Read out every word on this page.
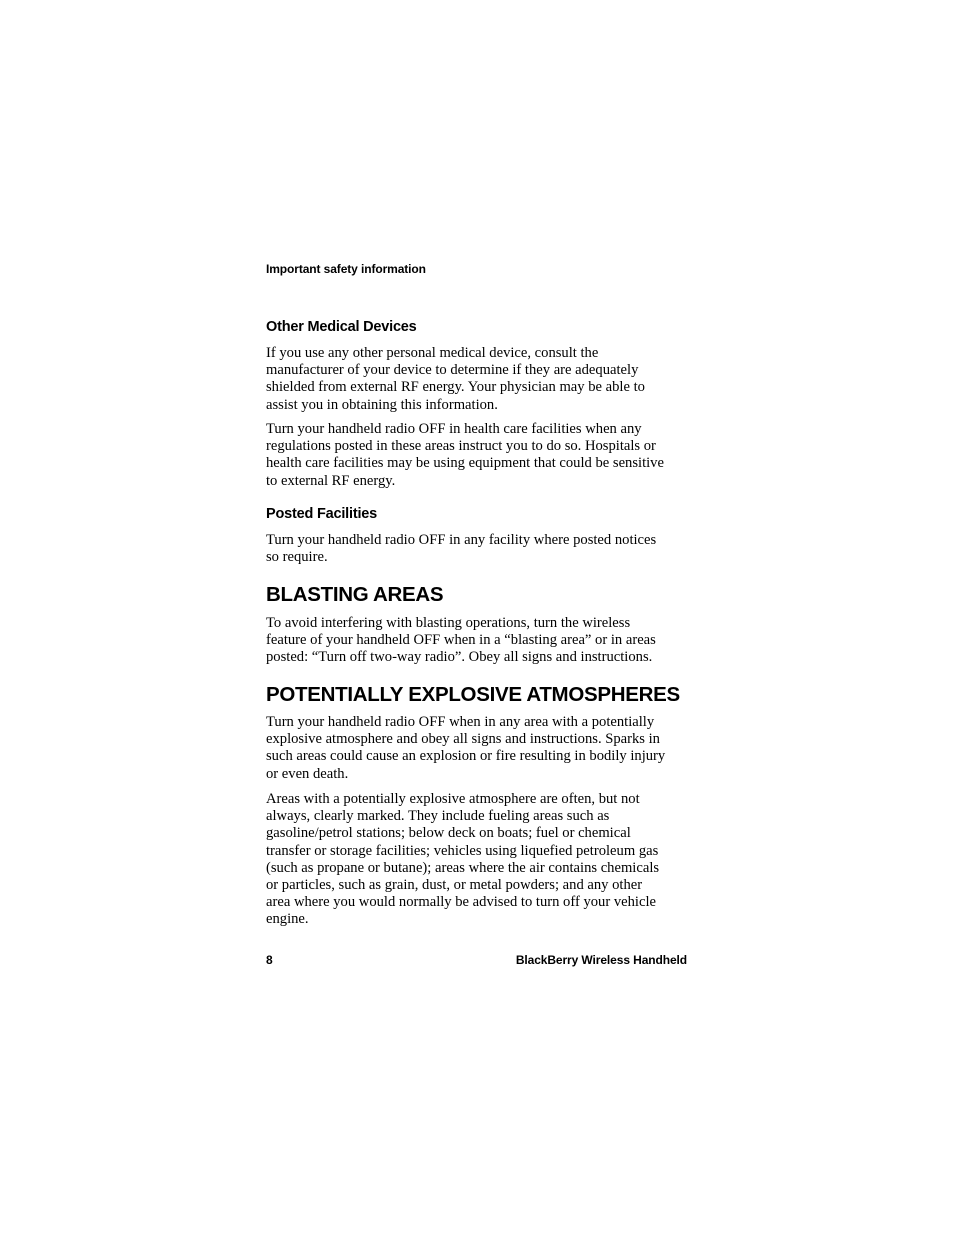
Important safety information
Other Medical Devices

If you use any other personal medical device, consult the

manufacturer of your device to determine if they are adequately

shielded from external RF energy. Your physician may be able to

assist you in obtaining this information.

Turn your handheld radio OFF in health care facilities when any

regulations posted in these areas instruct you to do so. Hospitals or

health care facilities may be using equipment that could be sensitive

to external RF energy.

Posted Facilities

Turn your handheld radio OFF in any facility where posted notices

so require.

BLASTING AREAS

To avoid interfering with blasting operations, turn the wireless

feature of your handheld OFF when in a “blasting area” or in areas

posted: “Turn off two-way radio”. Obey all signs and instructions.

POTENTIALLY EXPLOSIVE ATMOSPHERES

Turn your handheld radio OFF when in any area with a potentially

explosive atmosphere and obey all signs and instructions. Sparks in

such areas could cause an explosion or fire resulting in bodily injury

or even death.

Areas with a potentially explosive atmosphere are often, but not

always, clearly marked. They include fueling areas such as

gasoline/petrol stations; below deck on boats; fuel or chemical

transfer or storage facilities; vehicles using liquefied petroleum gas

(such as propane or butane); areas where the air contains chemicals

or particles, such as grain, dust, or metal powders; and any other

area where you would normally be advised to turn off your vehicle

engine.

8	BlackBerry Wireless Handheld
